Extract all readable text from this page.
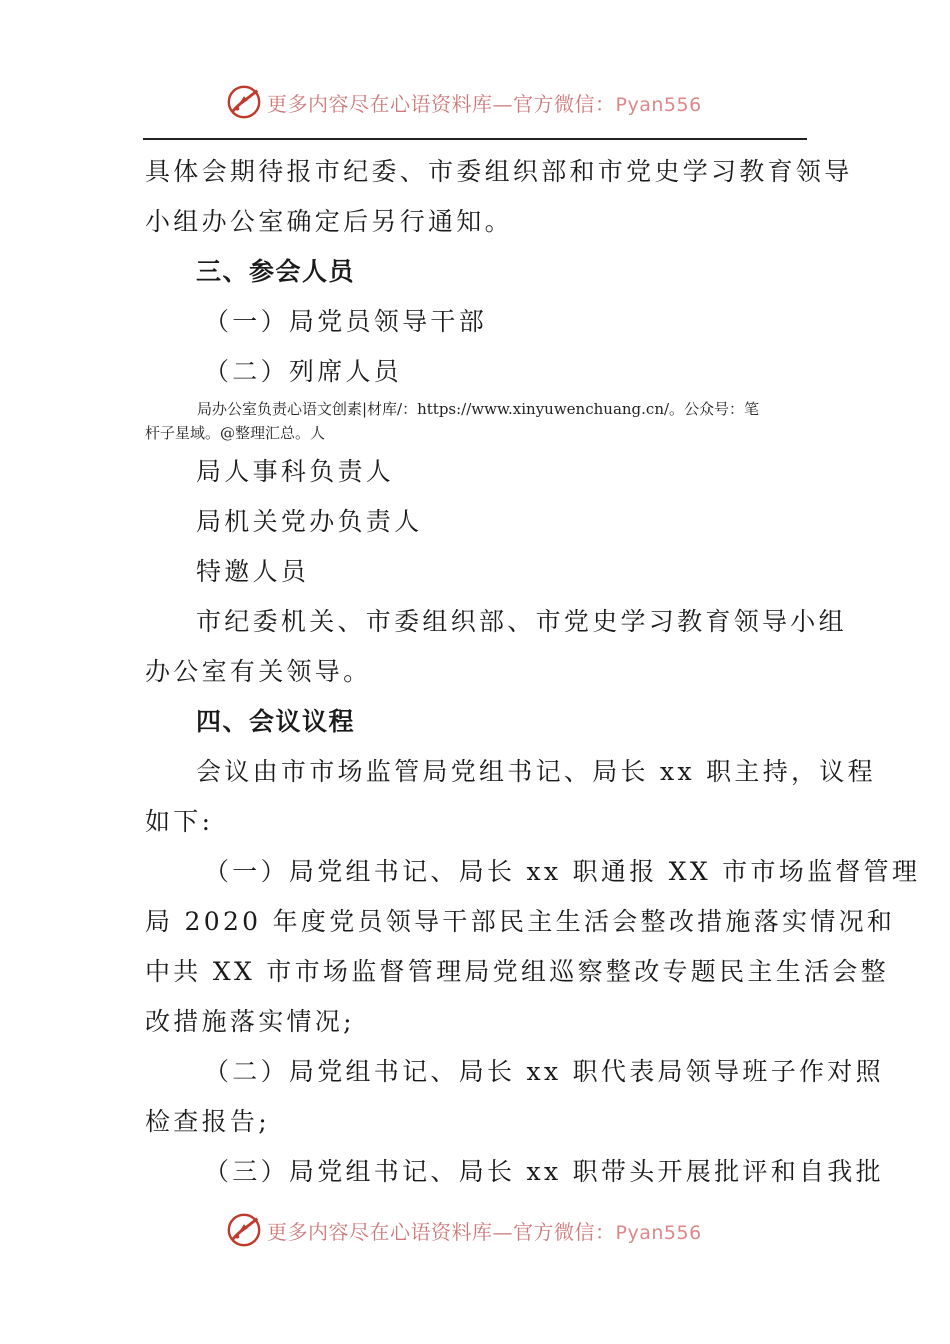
更多内容尽在心语资料库—官方微信：Pyan556
具体会期待报市纪委、市委组织部和市党史学习教育领导
小组办公室确定后另行通知。
三、参会人员
（一）局党员领导干部
（二）列席人员
局办公室负责心语文创素|材库/：https://www.xinyuwenchuang.cn/。公众号：笔
杆子星域。@整理汇总。人
局人事科负责人
局机关党办负责人
特邀人员
市纪委机关、市委组织部、市党史学习教育领导小组
办公室有关领导。
四、会议议程
会议由市市场监管局党组书记、局长 xx 职主持，议程
如下:
（一）局党组书记、局长 xx 职通报 XX 市市场监督管理
局 2020 年度党员领导干部民主生活会整改措施落实情况和
中共 XX 市市场监督管理局党组巡察整改专题民主生活会整
改措施落实情况;
（二）局党组书记、局长 xx 职代表局领导班子作对照
检查报告;
（三）局党组书记、局长 xx 职带头开展批评和自我批
更多内容尽在心语资料库—官方微信：Pyan556
